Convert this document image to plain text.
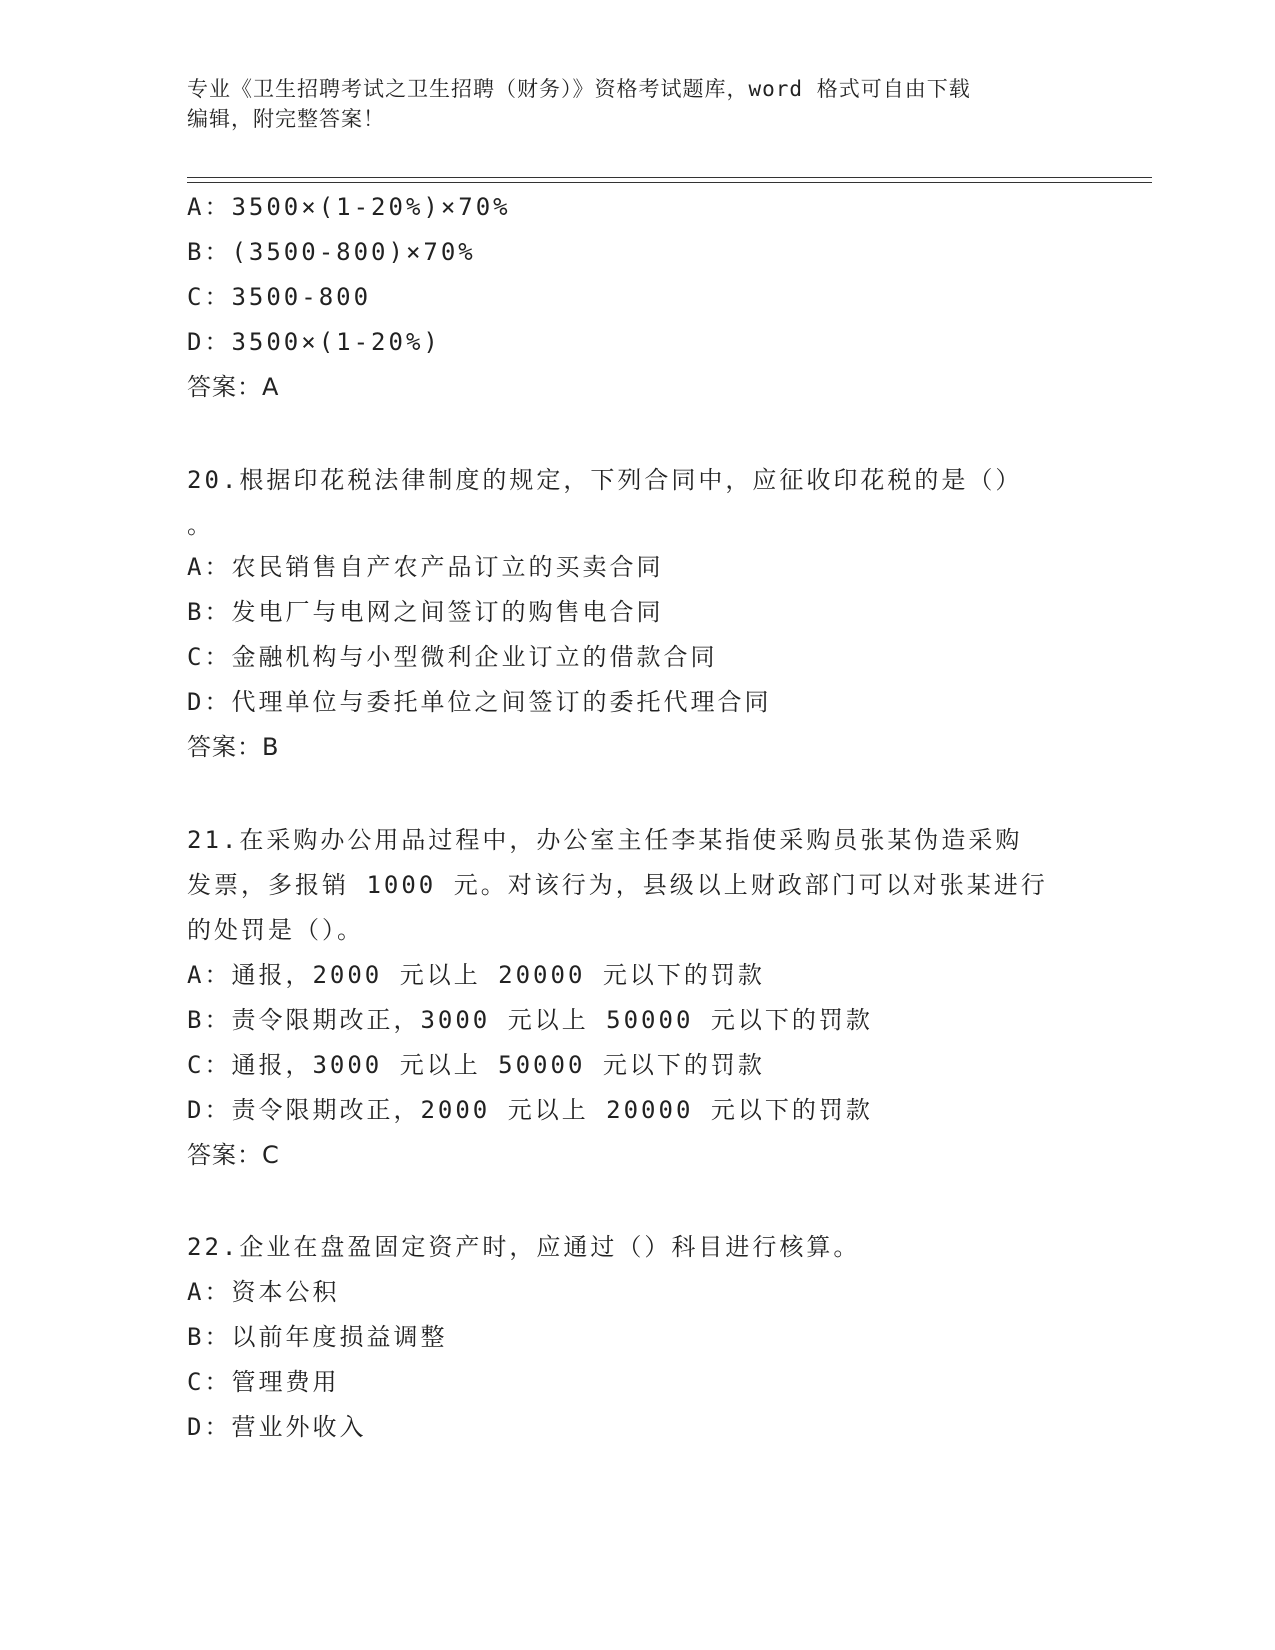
专业《卫生招聘考试之卫生招聘（财务）》资格考试题库，word 格式可自由下载
编辑，附完整答案！
A：3500×(1-20%)×70%
B：(3500-800)×70%
C：3500-800
D：3500×(1-20%)
答案：A
20.根据印花税法律制度的规定，下列合同中，应征收印花税的是（）
。
A：农民销售自产农产品订立的买卖合同
B：发电厂与电网之间签订的购售电合同
C：金融机构与小型微利企业订立的借款合同
D：代理单位与委托单位之间签订的委托代理合同
答案：B
21.在采购办公用品过程中，办公室主任李某指使采购员张某伪造采购
发票，多报销 1000 元。对该行为，县级以上财政部门可以对张某进行
的处罚是（）。
A：通报，2000 元以上 20000 元以下的罚款
B：责令限期改正，3000 元以上 50000 元以下的罚款
C：通报，3000 元以上 50000 元以下的罚款
D：责令限期改正，2000 元以上 20000 元以下的罚款
答案：C
22.企业在盘盈固定资产时，应通过（）科目进行核算。
A：资本公积
B：以前年度损益调整
C：管理费用
D：营业外收入
